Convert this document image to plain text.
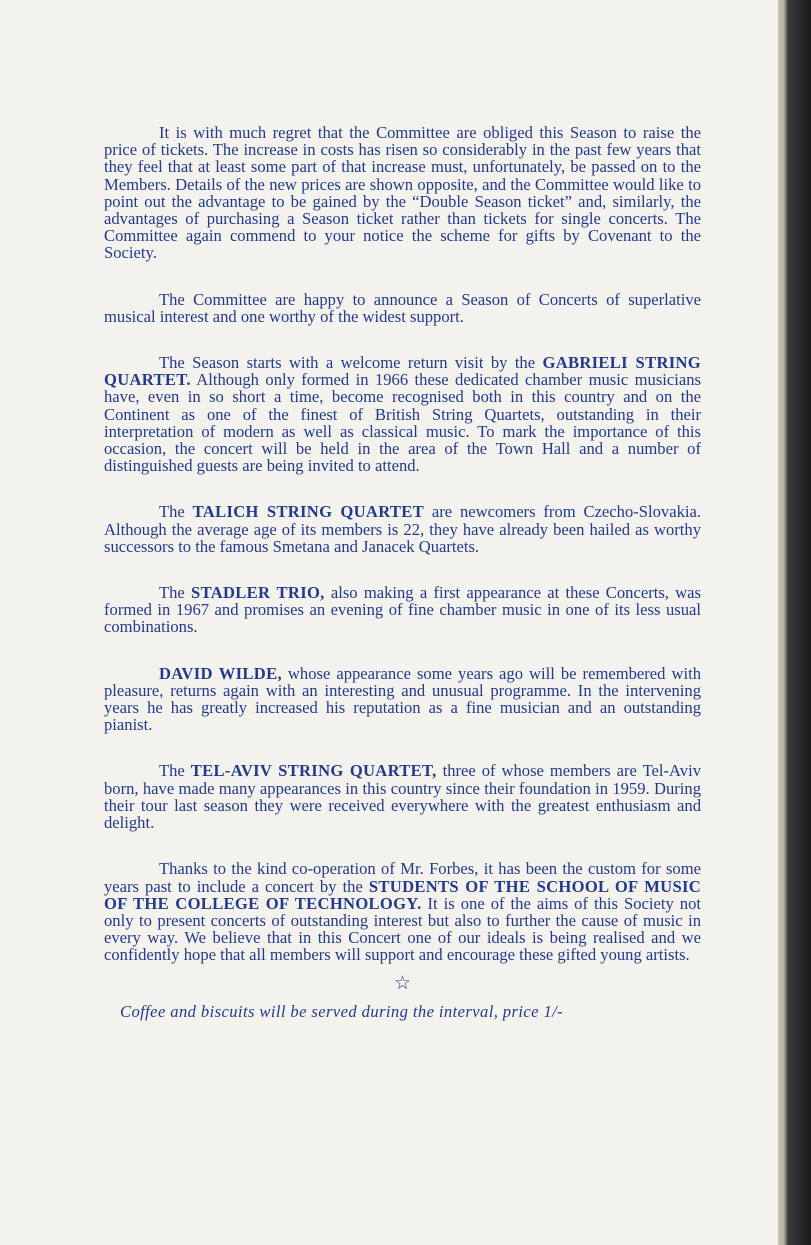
It is with much regret that the Committee are obliged this Season to raise the price of tickets. The increase in costs has risen so considerably in the past few years that they feel that at least some part of that increase must, unfortunately, be passed on to the Members. Details of the new prices are shown opposite, and the Committee would like to point out the advantage to be gained by the “Double Season ticket” and, similarly, the advantages of purchasing a Season ticket rather than tickets for single concerts. The Committee again commend to your notice the scheme for gifts by Covenant to the Society.

The Committee are happy to announce a Season of Concerts of superlative musical interest and one worthy of the widest support.

The Season starts with a welcome return visit by the GABRIELI STRING QUARTET. Although only formed in 1966 these dedicated chamber music musicians have, even in so short a time, become recognised both in this country and on the Continent as one of the finest of British String Quartets, outstanding in their interpretation of modern as well as classical music. To mark the importance of this occasion, the concert will be held in the area of the Town Hall and a number of distinguished guests are being invited to attend.

The TALICH STRING QUARTET are newcomers from Czecho-Slovakia. Although the average age of its members is 22, they have already been hailed as worthy successors to the famous Smetana and Janacek Quartets.

The STADLER TRIO, also making a first appearance at these Concerts, was formed in 1967 and promises an evening of fine chamber music in one of its less usual combinations.

DAVID WILDE, whose appearance some years ago will be remembered with pleasure, returns again with an interesting and unusual programme. In the intervening years he has greatly increased his reputation as a fine musician and an outstanding pianist.

The TEL-AVIV STRING QUARTET, three of whose members are Tel-Aviv born, have made many appearances in this country since their foundation in 1959. During their tour last season they were received everywhere with the greatest enthusiasm and delight.

Thanks to the kind co-operation of Mr. Forbes, it has been the custom for some years past to include a concert by the STUDENTS OF THE SCHOOL OF MUSIC OF THE COLLEGE OF TECHNOLOGY. It is one of the aims of this Society not only to present concerts of outstanding interest but also to further the cause of music in every way. We believe that in this Concert one of our ideals is being realised and we confidently hope that all members will support and encourage these gifted young artists.

☆
Coffee and biscuits will be served during the interval, price 1/-
